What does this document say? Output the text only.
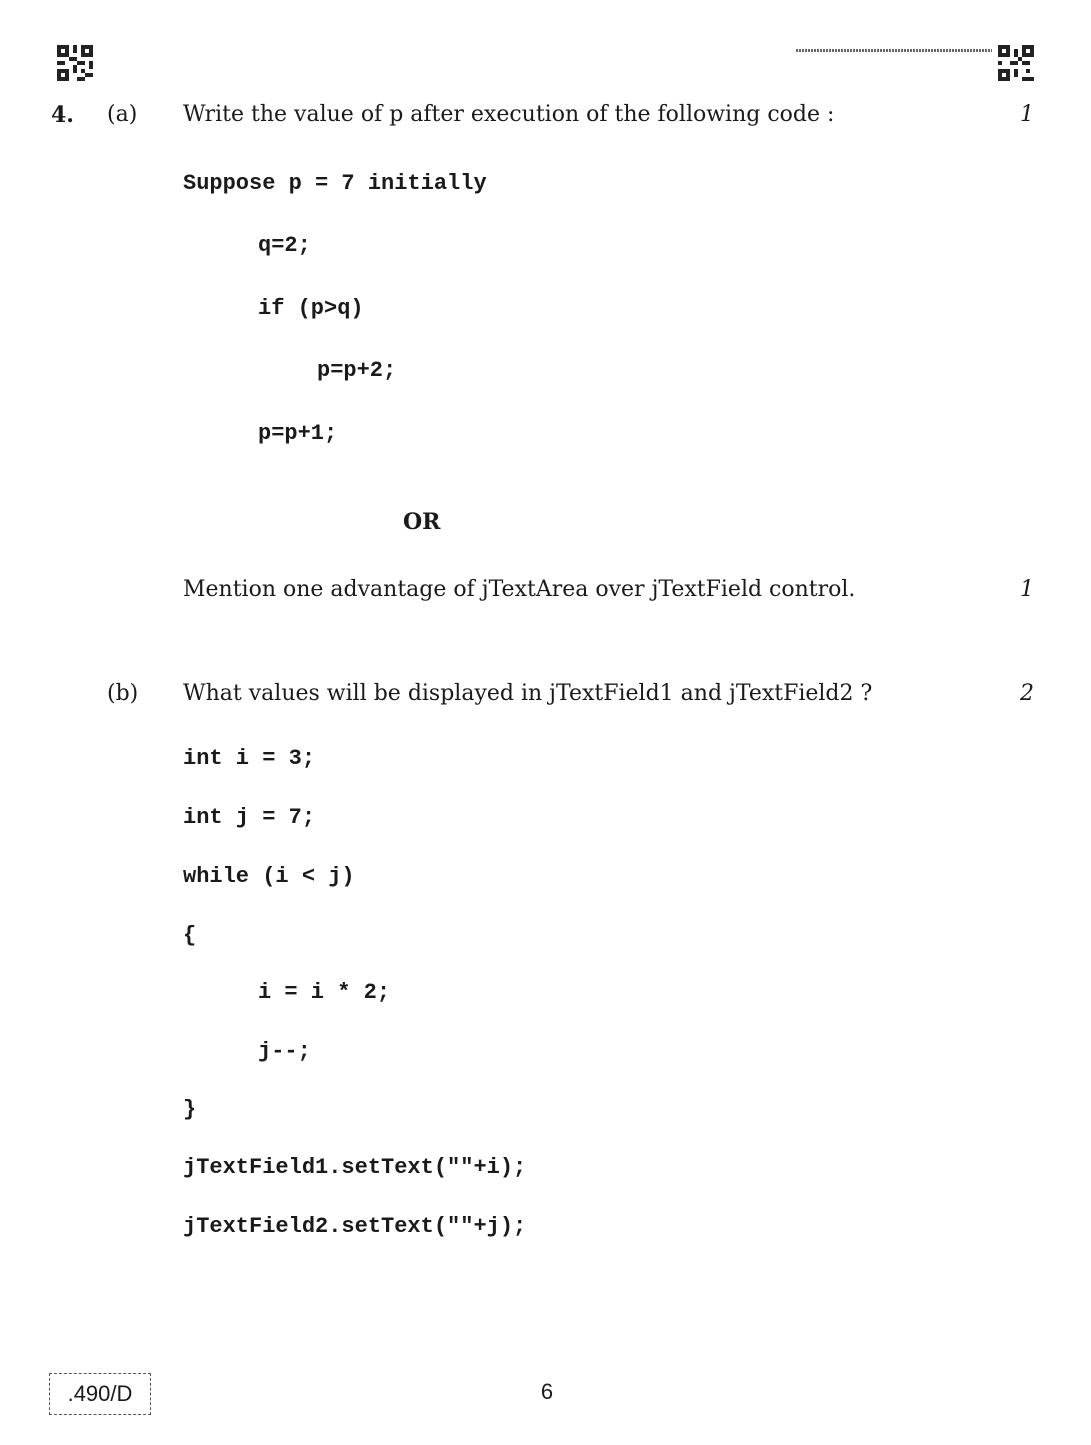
4. (a) Write the value of p after execution of the following code :	1
Suppose p = 7 initially
q=2;
if (p>q)
p=p+2;
p=p+1;
OR
Mention one advantage of jTextArea over jTextField control.	1
(b) What values will be displayed in jTextField1 and jTextField2 ?	2
int i = 3;
int j = 7;
while (i < j)
{
i = i * 2;
j--;
}
jTextField1.setText(""+i);
jTextField2.setText(""+j);
.490/D	6
